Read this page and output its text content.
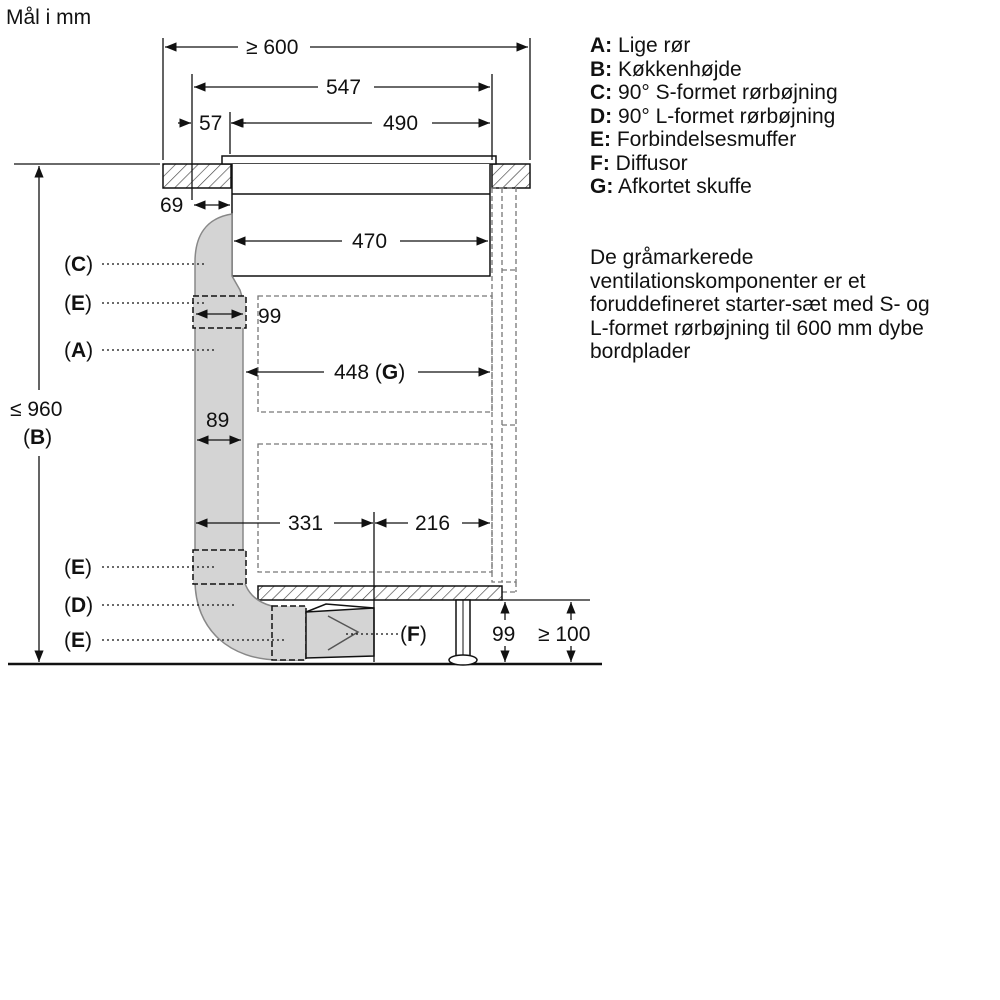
Mål i mm
≥ 600
547
57	490
69
470
99
448 (G)
89
331	216
≤ 960
(B)
99 ≥ 100
(C)
(E)
(A)
(E)
(D)
(E)	(F)
A: Lige rør
B: Køkkenhøjde
C: 90° S-formet rørbøjning
D: 90° L-formet rørbøjning
E: Forbindelsesmuffer
F: Diffusor
G: Afkortet skuffe
De gråmarkerede
ventilationskomponenter er et
foruddefineret starter-sæt med S- og
L-formet rørbøjning til 600 mm dybe
bordplader
